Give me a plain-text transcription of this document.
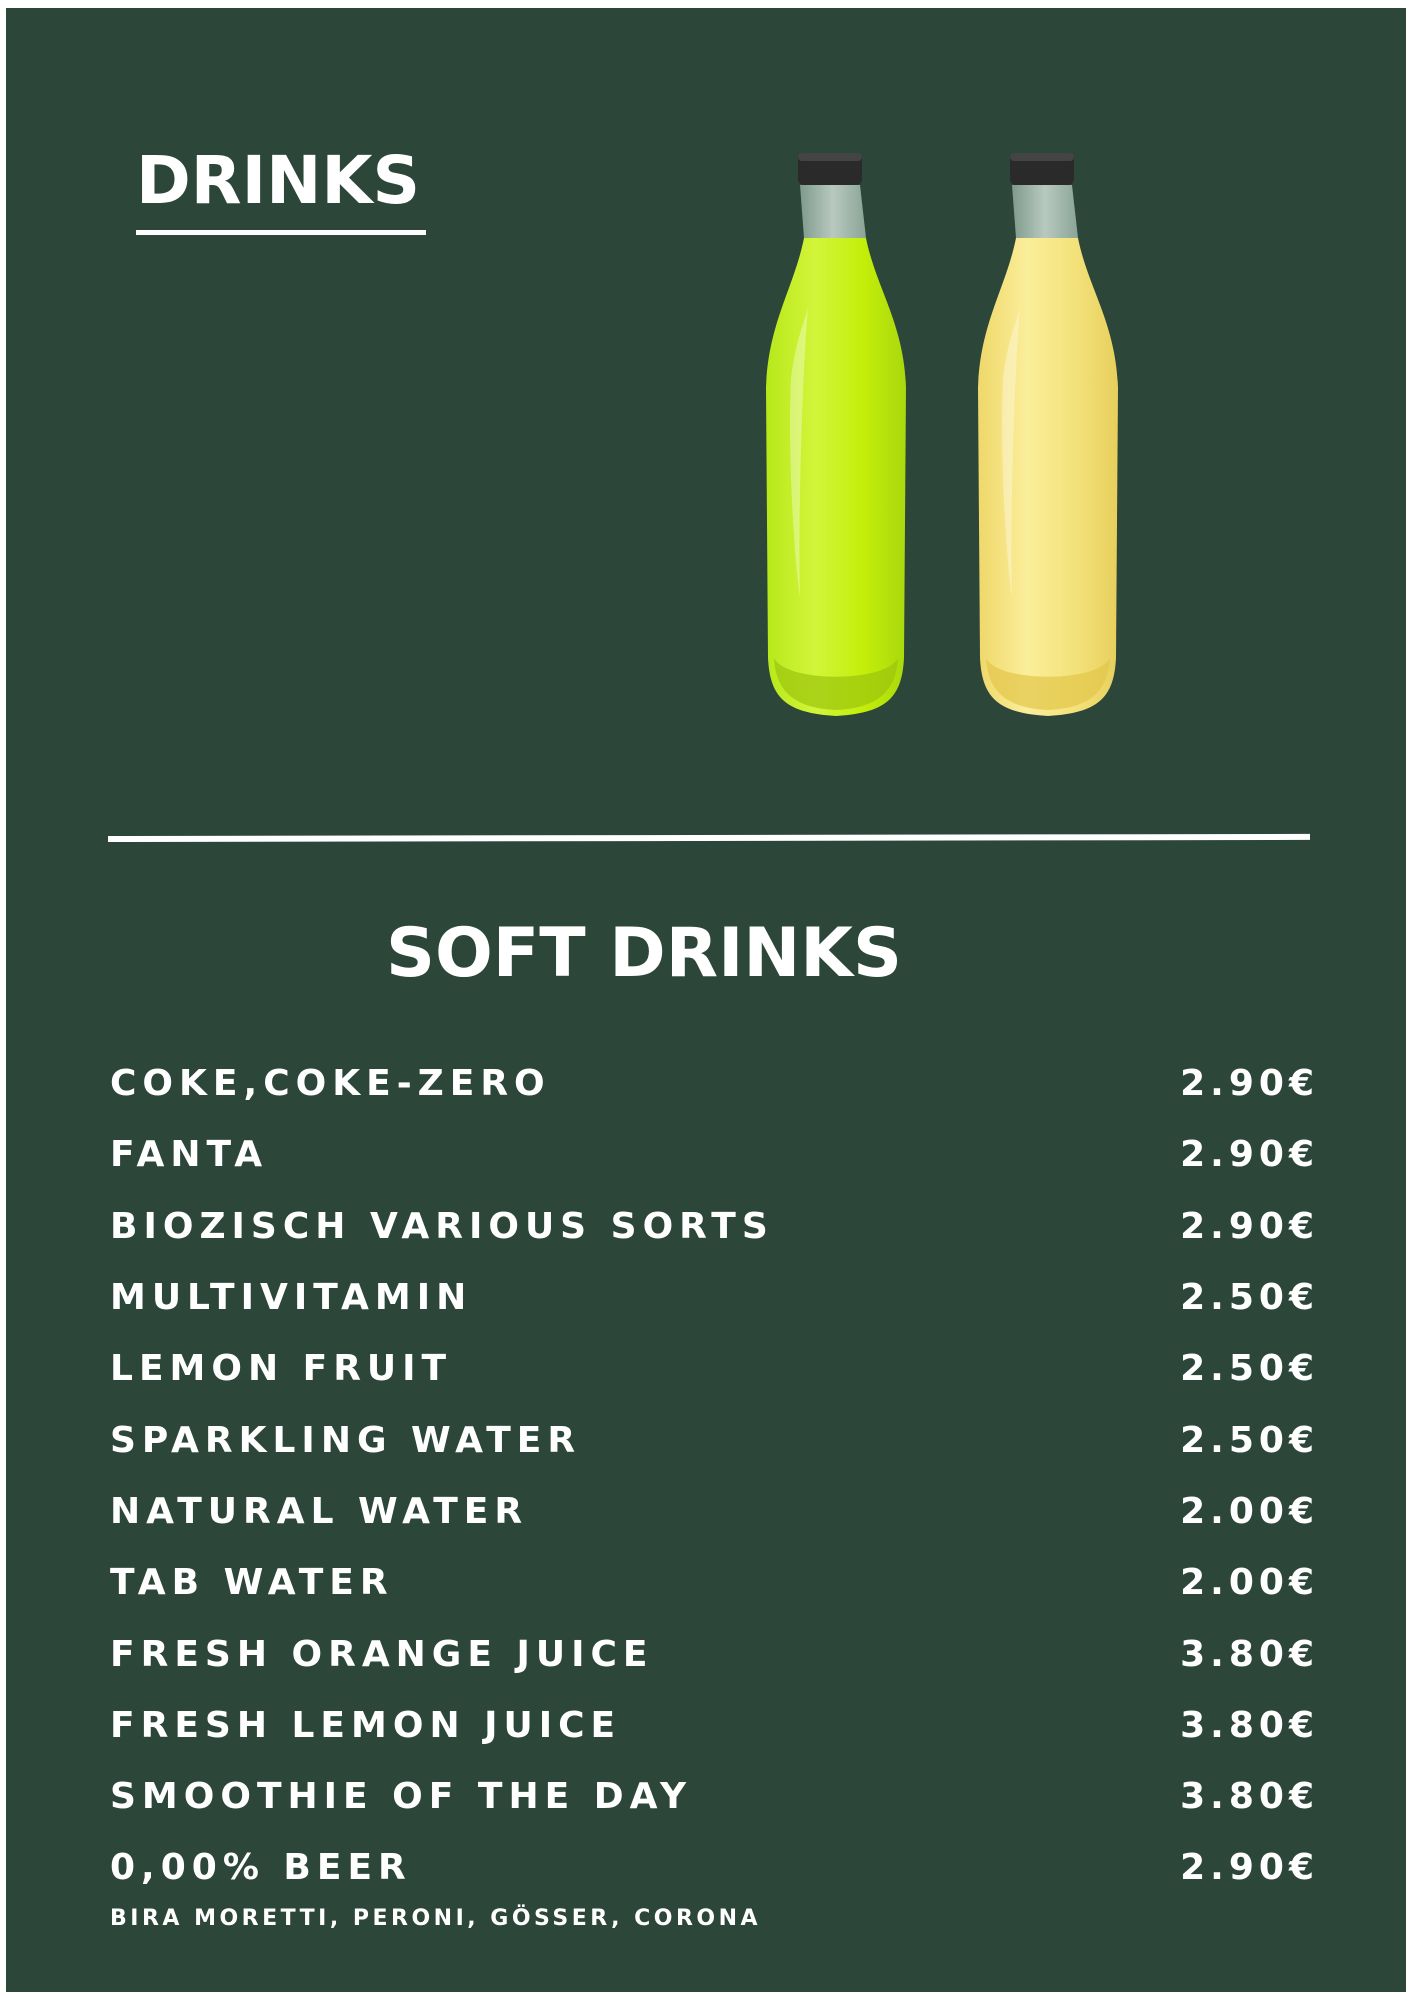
DRINKS
SOFT DRINKS
COKE,COKE-ZERO	2.90€
FANTA	2.90€
BIOZISCH VARIOUS SORTS	2.90€
MULTIVITAMIN	2.50€
LEMON FRUIT	2.50€
SPARKLING WATER	2.50€
NATURAL WATER	2.00€
TAB WATER	2.00€
FRESH ORANGE JUICE	3.80€
FRESH LEMON JUICE	3.80€
SMOOTHIE OF THE DAY	3.80€
0,00% BEER	2.90€

BIRA MORETTI, PERONI, GÖSSER, CORONA
